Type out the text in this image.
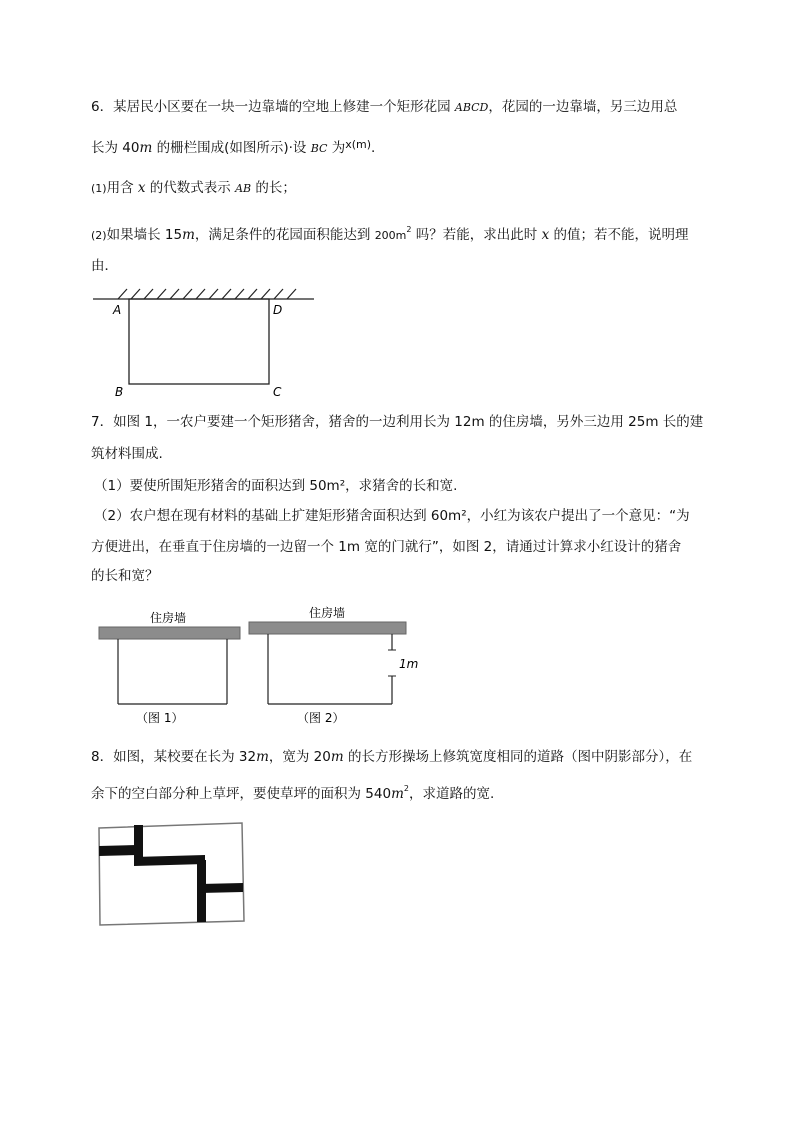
6．某居民小区要在一块一边靠墙的空地上修建一个矩形花园 ABCD，花园的一边靠墙，另三边用总
长为 40m 的栅栏围成(如图所示)·设 BC 为$^{x(m)}$.
(1)用含 x 的代数式表示 AB 的长；
(2)如果墙长 15m，满足条件的花园面积能达到 $200m^2$ 吗？若能，求出此时 x 的值；若不能，说明理
由．
A	D
B	C
7．如图 1，一农户要建一个矩形猪舍，猪舍的一边利用长为 12m 的住房墙，另外三边用 25m 长的建
筑材料围成.
（1）要使所围矩形猪舍的面积达到 50m²，求猪舍的长和宽.
（2）农户想在现有材料的基础上扩建矩形猪舍面积达到 60m²，小红为该农户提出了一个意见：“为
方便进出，在垂直于住房墙的一边留一个 1m 宽的门就行”，如图 2，请通过计算求小红设计的猪舍
的长和宽？
住房墙
（图 1）
住房墙
1m
（图 2）
8．如图，某校要在长为 32m，宽为 20m 的长方形操场上修筑宽度相同的道路（图中阴影部分），在
余下的空白部分种上草坪，要使草坪的面积为 $540m^2$，求道路的宽.
